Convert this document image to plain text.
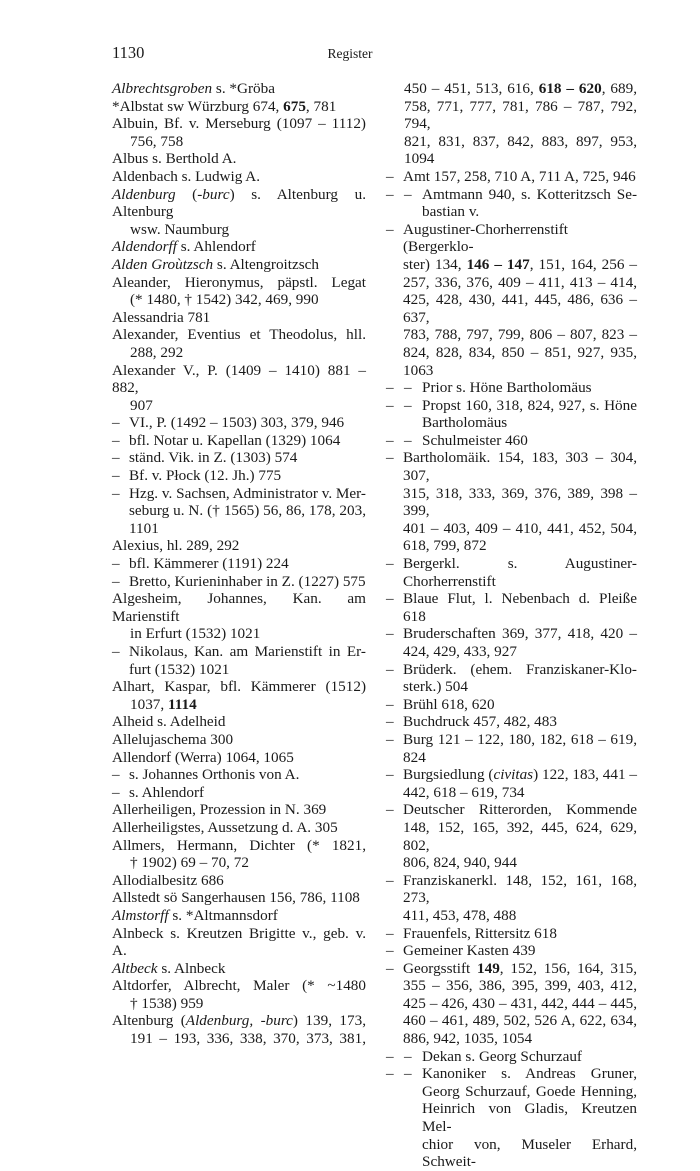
1130	Register
Albrechtsgroben s. *Gröba
*Albstat sw Würzburg 674, 675, 781
Albuin, Bf. v. Merseburg (1097 – 1112)
756, 758
Albus s. Berthold A.
Aldenbach s. Ludwig A.
Aldenburg (-burc) s. Altenburg u. Altenburg
wsw. Naumburg
Aldendorff s. Ahlendorf
Alden Groùtzsch s. Altengroitzsch
Aleander, Hieronymus, päpstl. Legat
(* 1480, † 1542) 342, 469, 990
Alessandria 781
Alexander, Eventius et Theodolus, hll.
288, 292
Alexander V., P. (1409 – 1410) 881 – 882,
907
– VI., P. (1492 – 1503) 303, 379, 946
– bfl. Notar u. Kapellan (1329) 1064
– ständ. Vik. in Z. (1303) 574
– Bf. v. Płock (12. Jh.) 775
– Hzg. v. Sachsen, Administrator v. Mer-
seburg u. N. († 1565) 56, 86, 178, 203,
1101
Alexius, hl. 289, 292
– bfl. Kämmerer (1191) 224
– Bretto, Kurieninhaber in Z. (1227) 575
Algesheim, Johannes, Kan. am Marienstift
in Erfurt (1532) 1021
– Nikolaus, Kan. am Marienstift in Er-
furt (1532) 1021
Alhart, Kaspar, bfl. Kämmerer (1512)
1037, 1114
Alheid s. Adelheid
Allelujaschema 300
Allendorf (Werra) 1064, 1065
– s. Johannes Orthonis von A.
– s. Ahlendorf
Allerheiligen, Prozession in N. 369
Allerheiligstes, Aussetzung d. A. 305
Allmers, Hermann, Dichter (* 1821,
† 1902) 69 – 70, 72
Allodialbesitz 686
Allstedt sö Sangerhausen 156, 786, 1108
Almstorff s. *Altmannsdorf
Alnbeck s. Kreutzen Brigitte v., geb. v. A.
Altbeck s. Alnbeck
Altdorfer, Albrecht, Maler (* ~1480
† 1538) 959
Altenburg (Aldenburg, -burc) 139, 173,
191 – 193, 336, 338, 370, 373, 381,
450 – 451, 513, 616, 618 – 620, 689,
758, 771, 777, 781, 786 – 787, 792, 794,
821, 831, 837, 842, 883, 897, 953, 1094
– Amt 157, 258, 710 A, 711 A, 725, 946
– – Amtmann 940, s. Kotteritzsch Se-
bastian v.
– Augustiner-Chorherrenstift (Bergerklo-
ster) 134, 146 – 147, 151, 164, 256 –
257, 336, 376, 409 – 411, 413 – 414,
425, 428, 430, 441, 445, 486, 636 – 637,
783, 788, 797, 799, 806 – 807, 823 –
824, 828, 834, 850 – 851, 927, 935, 1063
– – Prior s. Höne Bartholomäus
– – Propst 160, 318, 824, 927, s. Höne
Bartholomäus
– – Schulmeister 460
– Bartholomäik. 154, 183, 303 – 304, 307,
315, 318, 333, 369, 376, 389, 398 – 399,
401 – 403, 409 – 410, 441, 452, 504,
618, 799, 872
– Bergerkl. s. Augustiner-Chorherrenstift
– Blaue Flut, l. Nebenbach d. Pleiße 618
– Bruderschaften 369, 377, 418, 420 –
424, 429, 433, 927
– Brüderk. (ehem. Franziskaner-Klo-
sterk.) 504
– Brühl 618, 620
– Buchdruck 457, 482, 483
– Burg 121 – 122, 180, 182, 618 – 619,
824
– Burgsiedlung (civitas) 122, 183, 441 –
442, 618 – 619, 734
– Deutscher Ritterorden, Kommende
148, 152, 165, 392, 445, 624, 629, 802,
806, 824, 940, 944
– Franziskanerkl. 148, 152, 161, 168, 273,
411, 453, 478, 488
– Frauenfels, Rittersitz 618
– Gemeiner Kasten 439
– Georgsstift 149, 152, 156, 164, 315,
355 – 356, 386, 395, 399, 403, 412,
425 – 426, 430 – 431, 442, 444 – 445,
460 – 461, 489, 502, 526 A, 622, 634,
886, 942, 1035, 1054
– – Dekan s. Georg Schurzauf
– – Kanoniker s. Andreas Gruner,
Georg Schurzauf, Goede Henning,
Heinrich von Gladis, Kreutzen Mel-
chior von, Museler Erhard, Schweit-
